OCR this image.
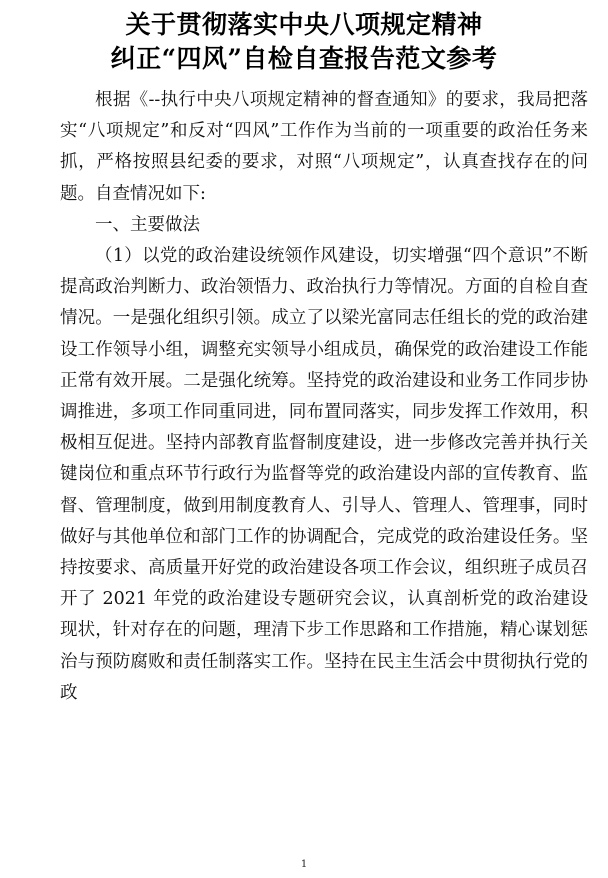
关于贯彻落实中央八项规定精神
纠正“四风”自检自查报告范文参考

根据《--执行中央八项规定精神的督查通知》的要求，我局把落实“八项规定”和反对“四风”工作作为当前的一项重要的政治任务来抓，严格按照县纪委的要求，对照“八项规定”，认真查找存在的问题。自查情况如下:

一、主要做法

（1）以党的政治建设统领作风建设，切实增强“四个意识”不断提高政治判断力、政治领悟力、政治执行力等情况。方面的自检自查情况。一是强化组织引领。成立了以梁光富同志任组长的党的政治建设工作领导小组，调整充实领导小组成员，确保党的政治建设工作能正常有效开展。二是强化统筹。坚持党的政治建设和业务工作同步协调推进，多项工作同重同进，同布置同落实，同步发挥工作效用，积极相互促进。坚持内部教育监督制度建设，进一步修改完善并执行关键岗位和重点环节行政行为监督等党的政治建设内部的宣传教育、监督、管理制度，做到用制度教育人、引导人、管理人、管理事，同时做好与其他单位和部门工作的协调配合，完成党的政治建设任务。坚持按要求、高质量开好党的政治建设各项工作会议，组织班子成员召开了 2021 年党的政治建设专题研究会议，认真剖析党的政治建设现状，针对存在的问题，理清下步工作思路和工作措施，精心谋划惩治与预防腐败和责任制落实工作。坚持在民主生活会中贯彻执行党的政

1
